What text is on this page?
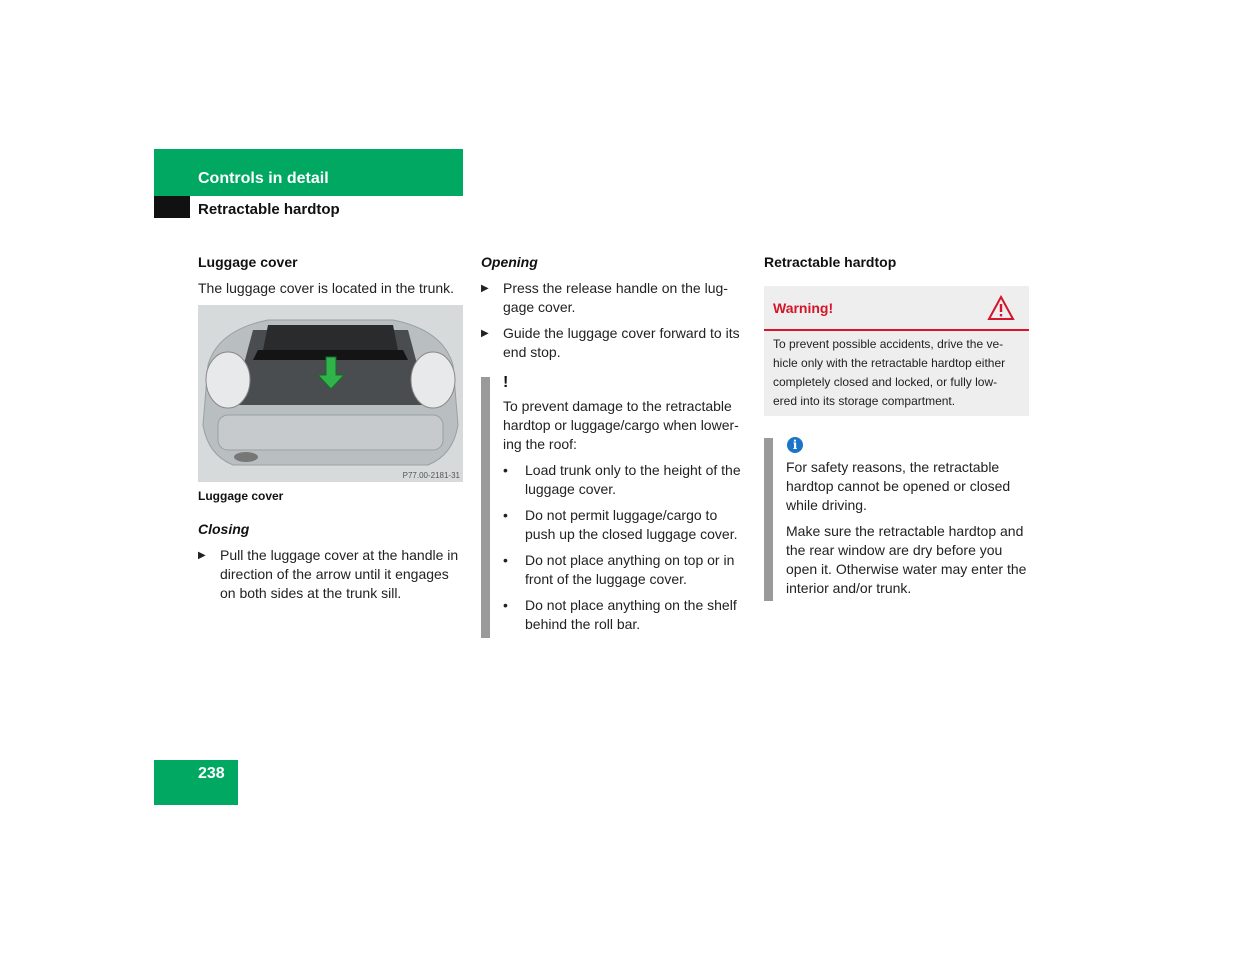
Controls in detail
Retractable hardtop
Luggage cover
The luggage cover is located in the trunk.
P77.00-2181-31
Luggage cover
Closing
▶	Pull the luggage cover at the handle in
direction of the arrow until it engages
on both sides at the trunk sill.
Opening
▶	Press the release handle on the lug-
gage cover.
▶	Guide the luggage cover forward to its
end stop.
!
To prevent damage to the retractable
hardtop or luggage/cargo when lower-
ing the roof:
•	Load trunk only to the height of the
luggage cover.
•	Do not permit luggage/cargo to
push up the closed luggage cover.
•	Do not place anything on top or in
front of the luggage cover.
•	Do not place anything on the shelf
behind the roll bar.
Retractable hardtop
Warning!
To prevent possible accidents, drive the ve-
hicle only with the retractable hardtop either
completely closed and locked, or fully low-
ered into its storage compartment.
i
For safety reasons, the retractable
hardtop cannot be opened or closed
while driving.
Make sure the retractable hardtop and
the rear window are dry before you
open it. Otherwise water may enter the
interior and/or trunk.
238
